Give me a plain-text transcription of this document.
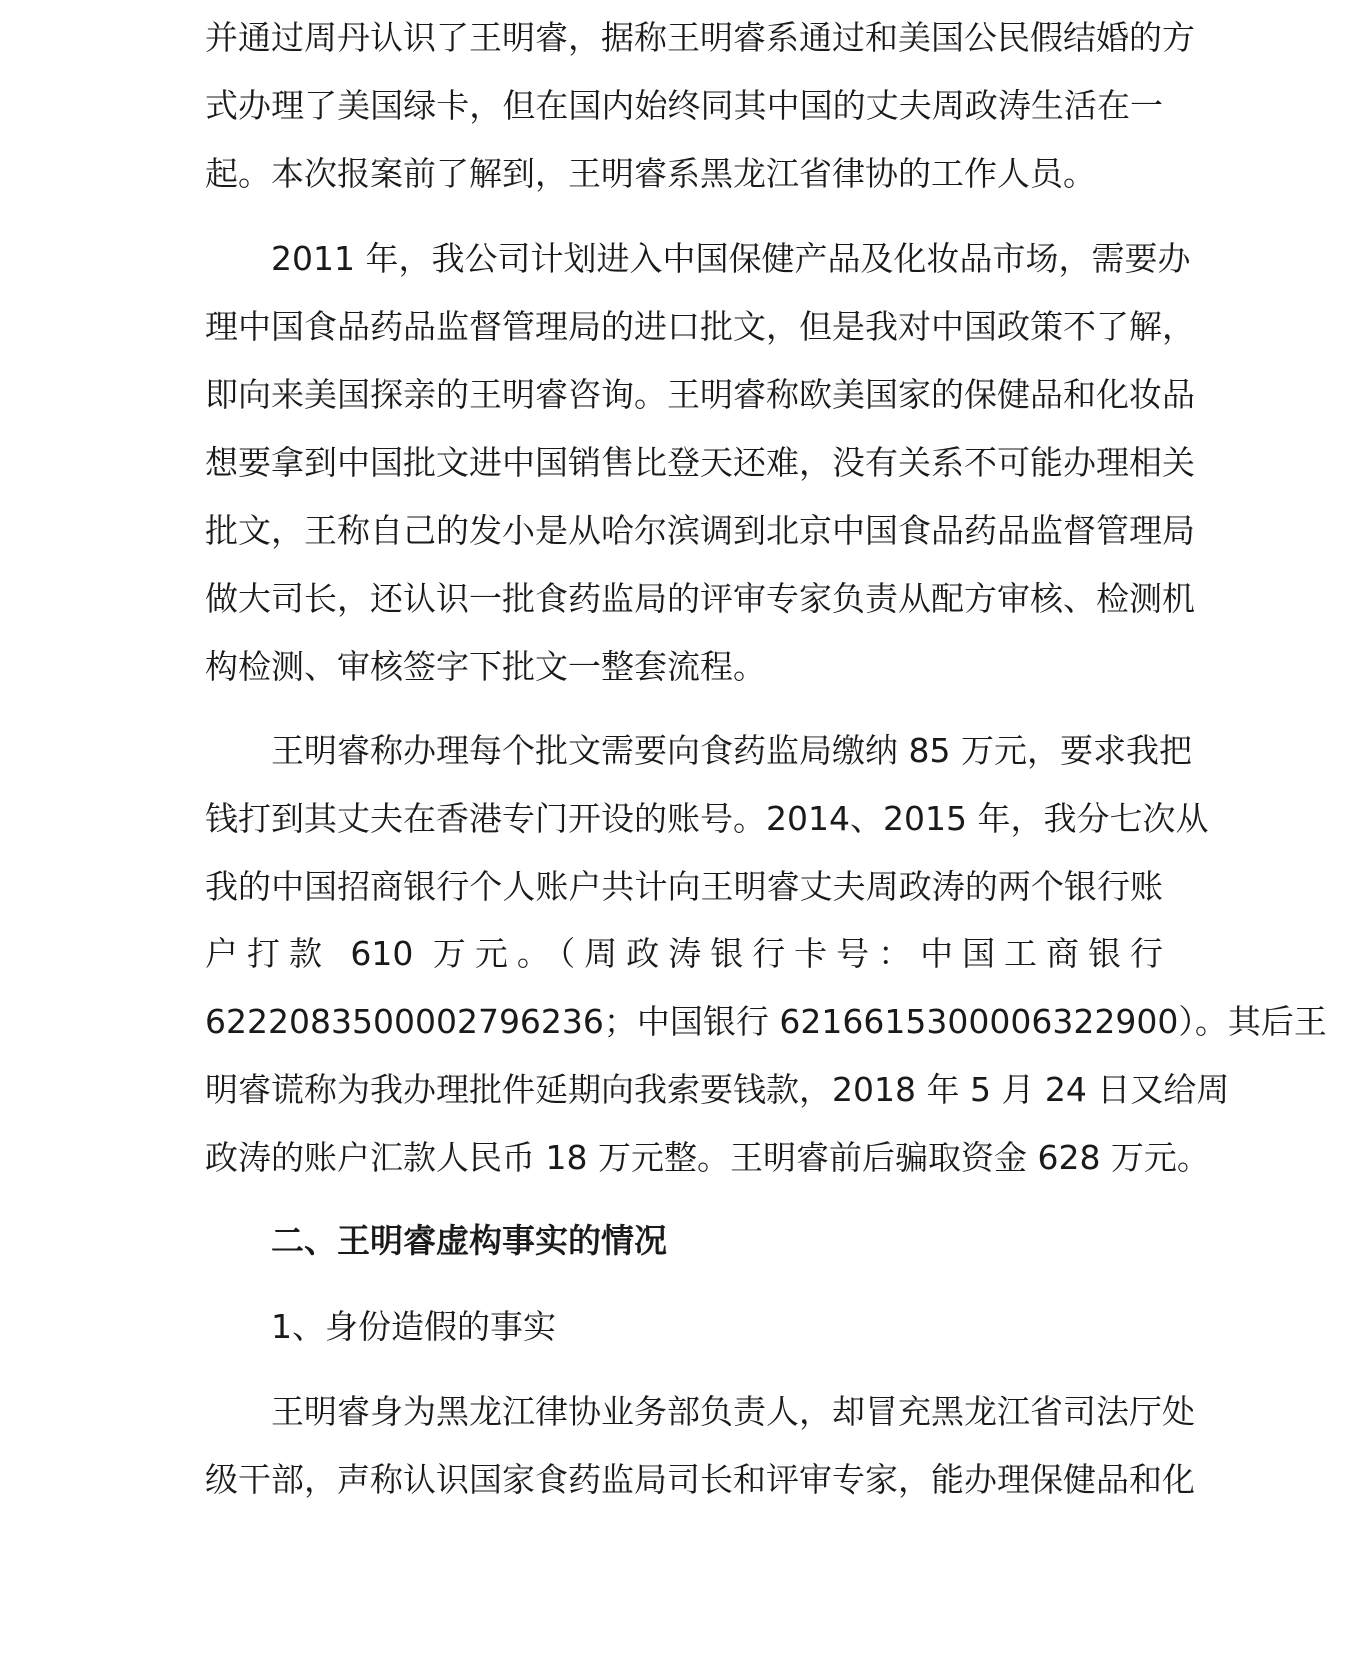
并通过周丹认识了王明睿，据称王明睿系通过和美国公民假结婚的方
式办理了美国绿卡，但在国内始终同其中国的丈夫周政涛生活在一
起。本次报案前了解到，王明睿系黑龙江省律协的工作人员。
2011 年，我公司计划进入中国保健产品及化妆品市场，需要办
理中国食品药品监督管理局的进口批文，但是我对中国政策不了解，
即向来美国探亲的王明睿咨询。王明睿称欧美国家的保健品和化妆品
想要拿到中国批文进中国销售比登天还难，没有关系不可能办理相关
批文，王称自己的发小是从哈尔滨调到北京中国食品药品监督管理局
做大司长，还认识一批食药监局的评审专家负责从配方审核、检测机
构检测、审核签字下批文一整套流程。
王明睿称办理每个批文需要向食药监局缴纳 85 万元，要求我把
钱打到其丈夫在香港专门开设的账号。2014、2015 年，我分七次从
我的中国招商银行个人账户共计向王明睿丈夫周政涛的两个银行账
户打款 610 万元。（周政涛银行卡号：中国工商银行
6222083500002796236；中国银行 6216615300006322900）。其后王
明睿谎称为我办理批件延期向我索要钱款，2018 年 5 月 24 日又给周
政涛的账户汇款人民币 18 万元整。王明睿前后骗取资金 628 万元。
二、王明睿虚构事实的情况
1、身份造假的事实
王明睿身为黑龙江律协业务部负责人，却冒充黑龙江省司法厅处
级干部，声称认识国家食药监局司长和评审专家，能办理保健品和化
